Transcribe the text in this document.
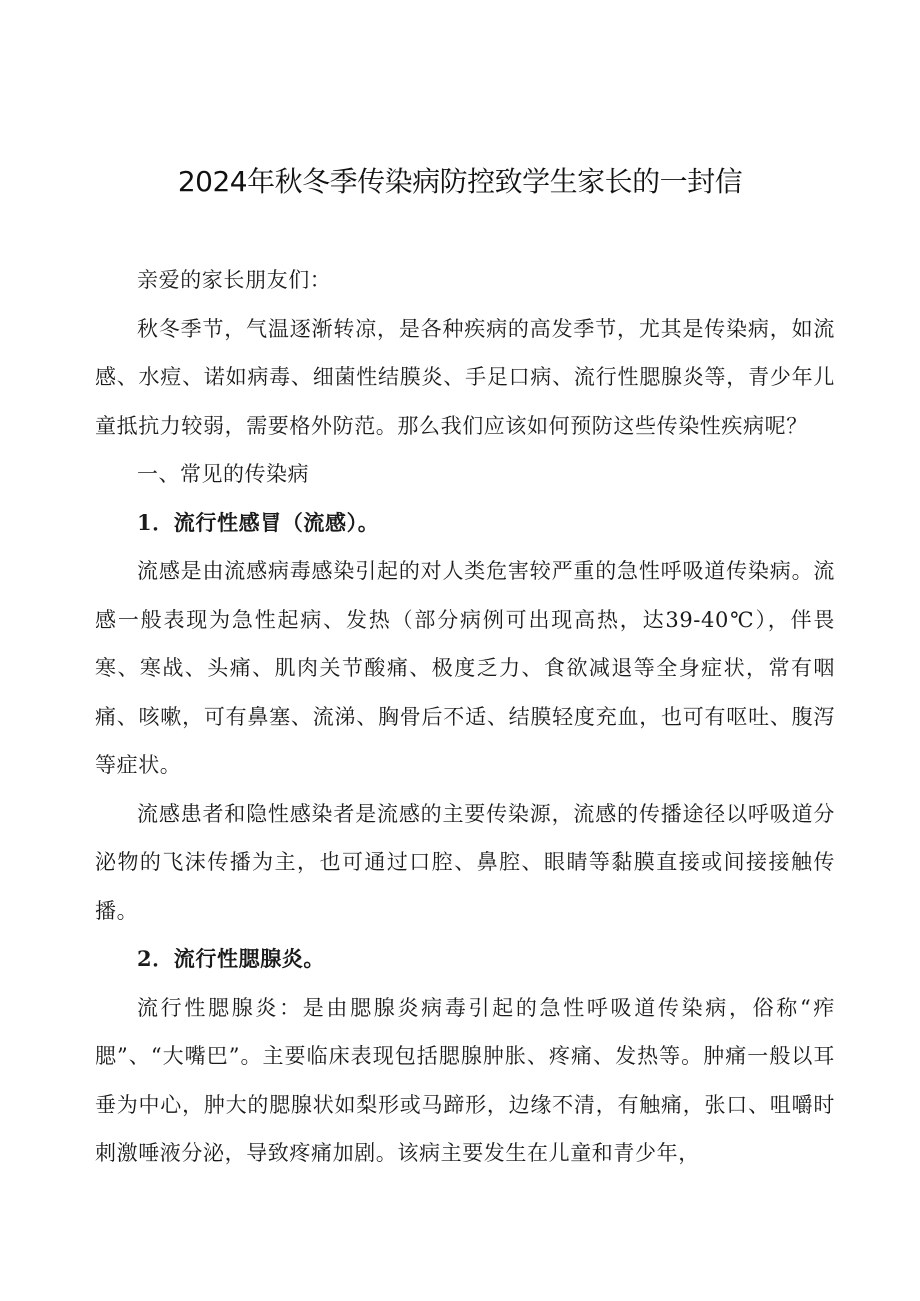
2024年秋冬季传染病防控致学生家长的一封信

亲爱的家长朋友们：

秋冬季节，气温逐渐转凉，是各种疾病的高发季节，尤其是传染病，如流感、水痘、诺如病毒、细菌性结膜炎、手足口病、流行性腮腺炎等，青少年儿童抵抗力较弱，需要格外防范。那么我们应该如何预防这些传染性疾病呢？

一、常见的传染病
1．流行性感冒（流感）。

流感是由流感病毒感染引起的对人类危害较严重的急性呼吸道传染病。流感一般表现为急性起病、发热（部分病例可出现高热，达39-40℃），伴畏寒、寒战、头痛、肌肉关节酸痛、极度乏力、食欲减退等全身症状，常有咽痛、咳嗽，可有鼻塞、流涕、胸骨后不适、结膜轻度充血，也可有呕吐、腹泻等症状。

流感患者和隐性感染者是流感的主要传染源，流感的传播途径以呼吸道分泌物的飞沫传播为主，也可通过口腔、鼻腔、眼睛等黏膜直接或间接接触传播。

2．流行性腮腺炎。

流行性腮腺炎：是由腮腺炎病毒引起的急性呼吸道传染病，俗称“痄腮”、“大嘴巴”。主要临床表现包括腮腺肿胀、疼痛、发热等。肿痛一般以耳垂为中心，肿大的腮腺状如梨形或马蹄形，边缘不清，有触痛，张口、咀嚼时刺激唾液分泌，导致疼痛加剧。该病主要发生在儿童和青少年，
